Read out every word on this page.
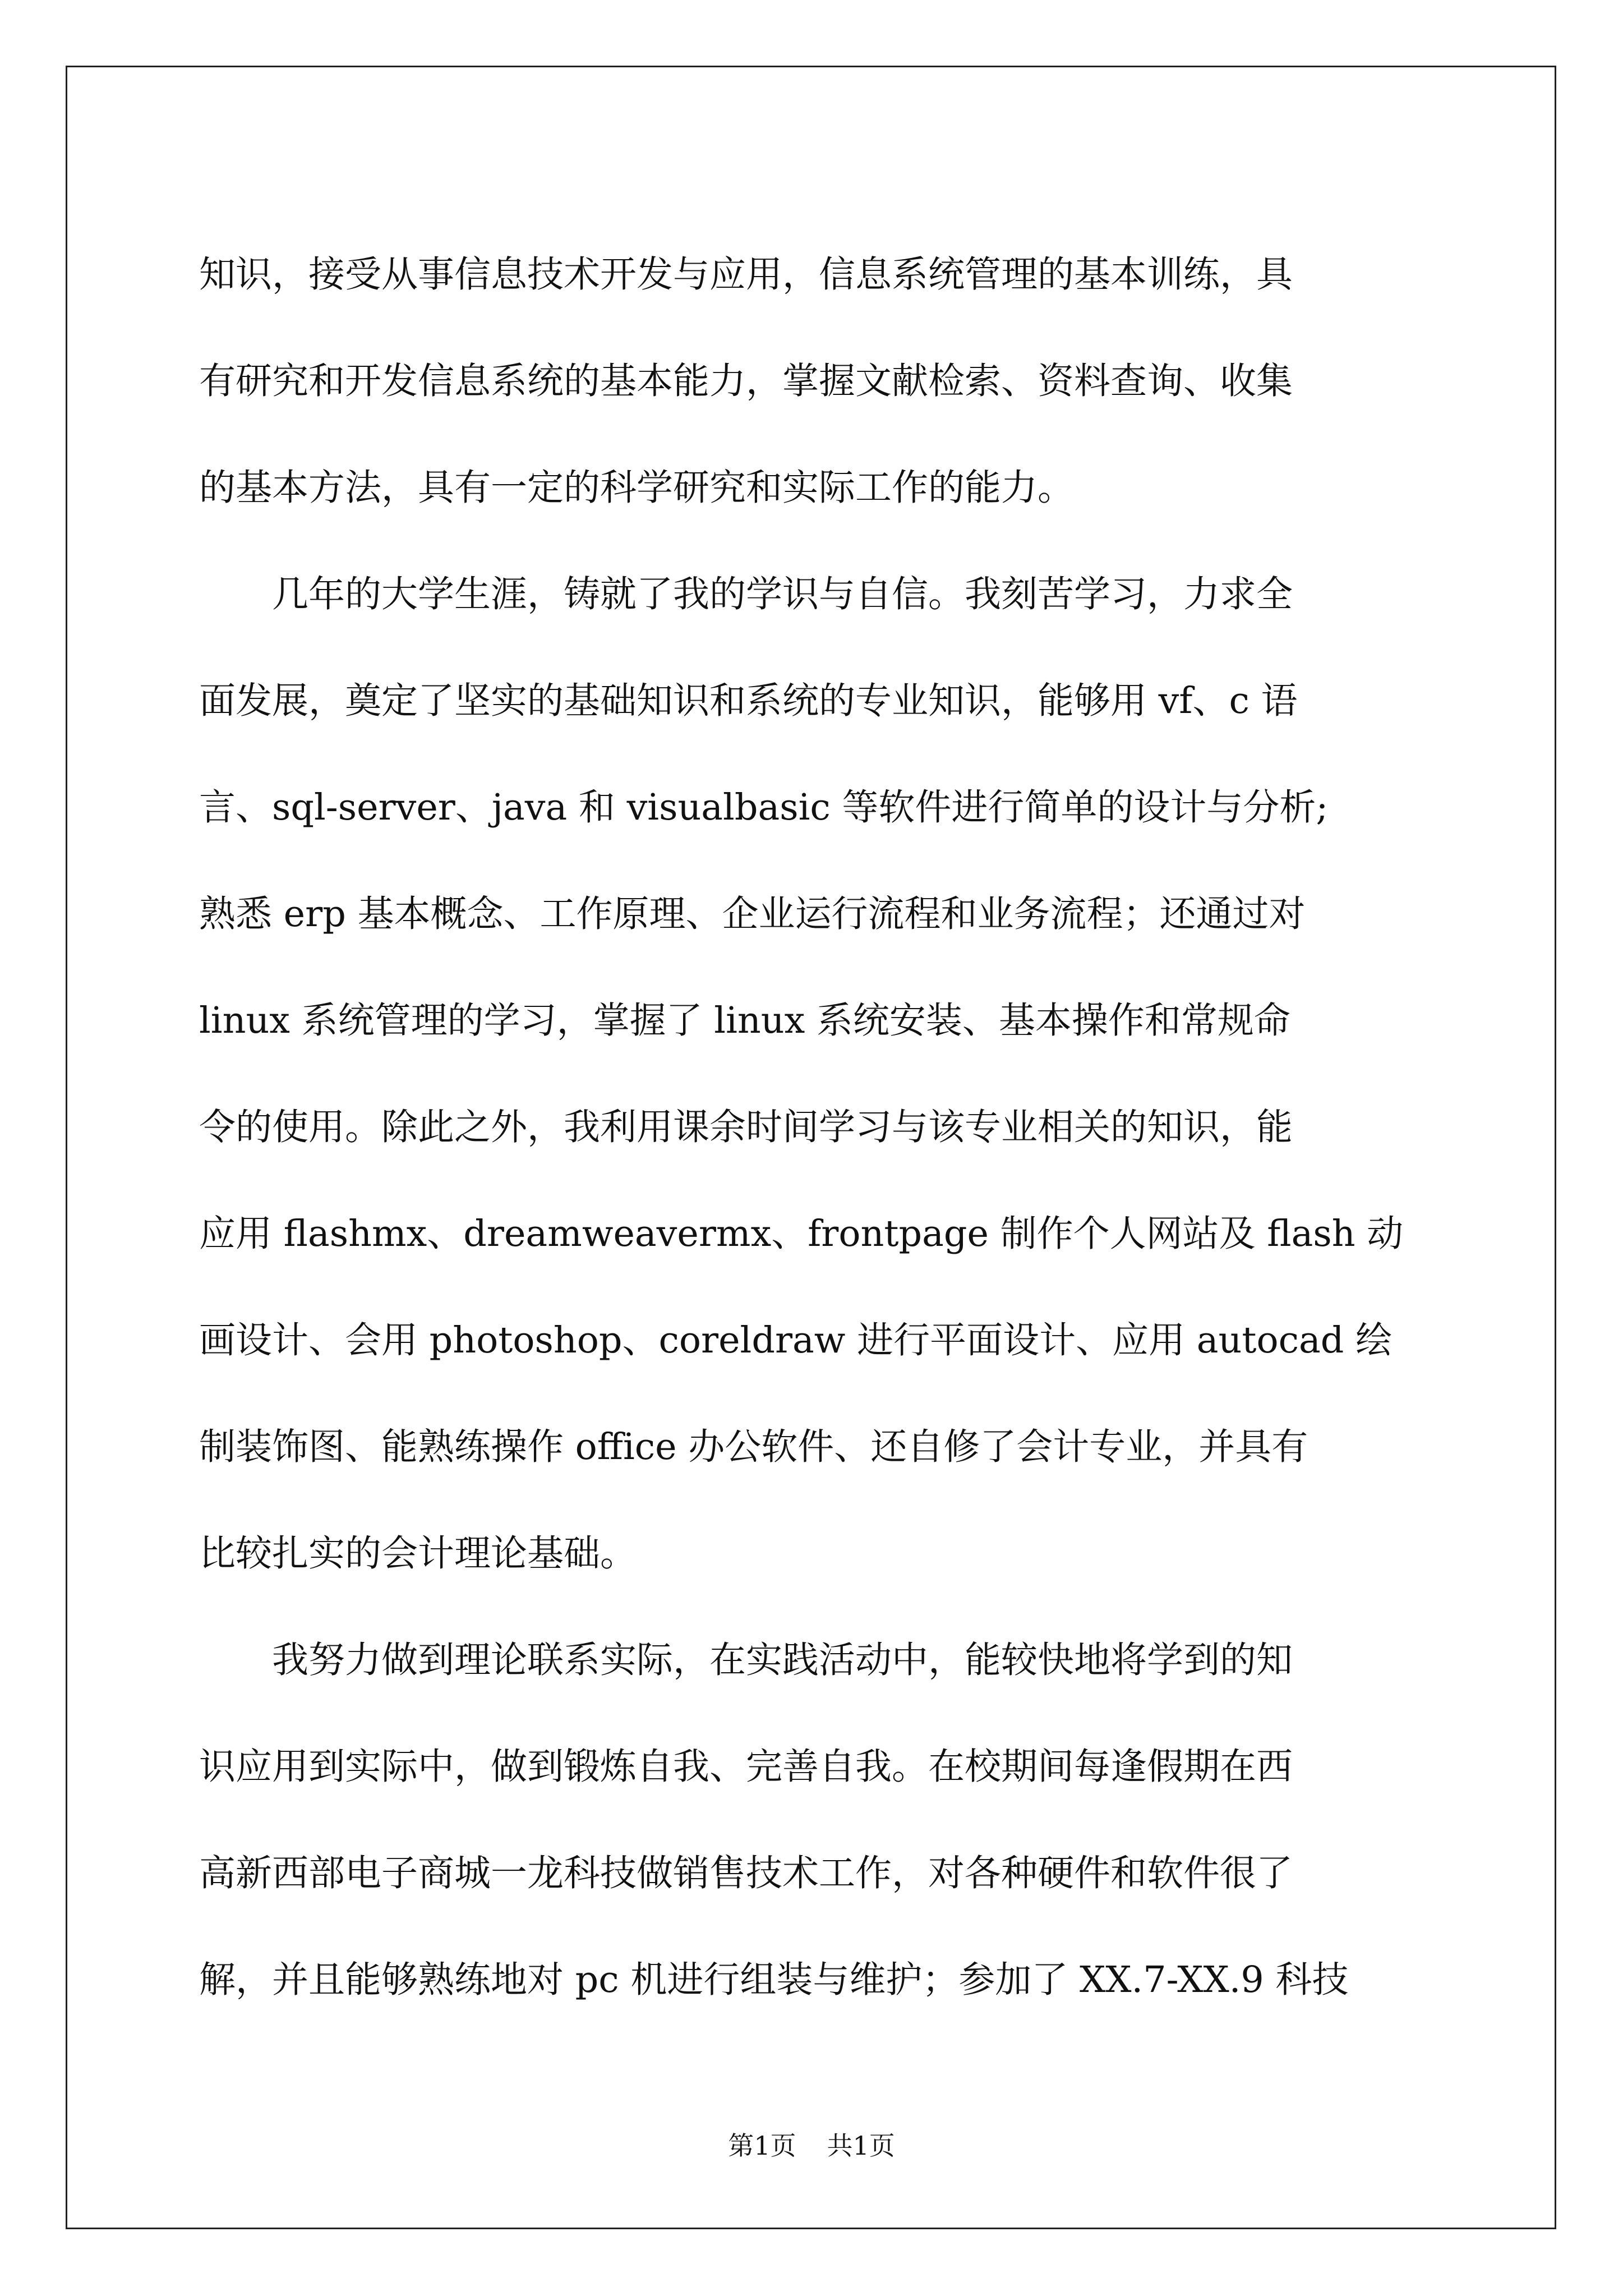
知识，接受从事信息技术开发与应用，信息系统管理的基本训练，具
有研究和开发信息系统的基本能力，掌握文献检索、资料查询、收集
的基本方法，具有一定的科学研究和实际工作的能力。
　　几年的大学生涯，铸就了我的学识与自信。我刻苦学习，力求全
面发展，奠定了坚实的基础知识和系统的专业知识，能够用 vf、c 语
言、sql-server、java 和 visualbasic 等软件进行简单的设计与分析;
熟悉 erp 基本概念、工作原理、企业运行流程和业务流程；还通过对
linux 系统管理的学习，掌握了 linux 系统安装、基本操作和常规命
令的使用。除此之外，我利用课余时间学习与该专业相关的知识，能
应用 flashmx、dreamweavermx、frontpage 制作个人网站及 flash 动
画设计、会用 photoshop、coreldraw 进行平面设计、应用 autocad 绘
制装饰图、能熟练操作 office 办公软件、还自修了会计专业，并具有
比较扎实的会计理论基础。
　　我努力做到理论联系实际，在实践活动中，能较快地将学到的知
识应用到实际中，做到锻炼自我、完善自我。在校期间每逢假期在西
高新西部电子商城一龙科技做销售技术工作，对各种硬件和软件很了
解，并且能够熟练地对 pc 机进行组装与维护；参加了 XX.7-XX.9 科技
第1页 共1页
